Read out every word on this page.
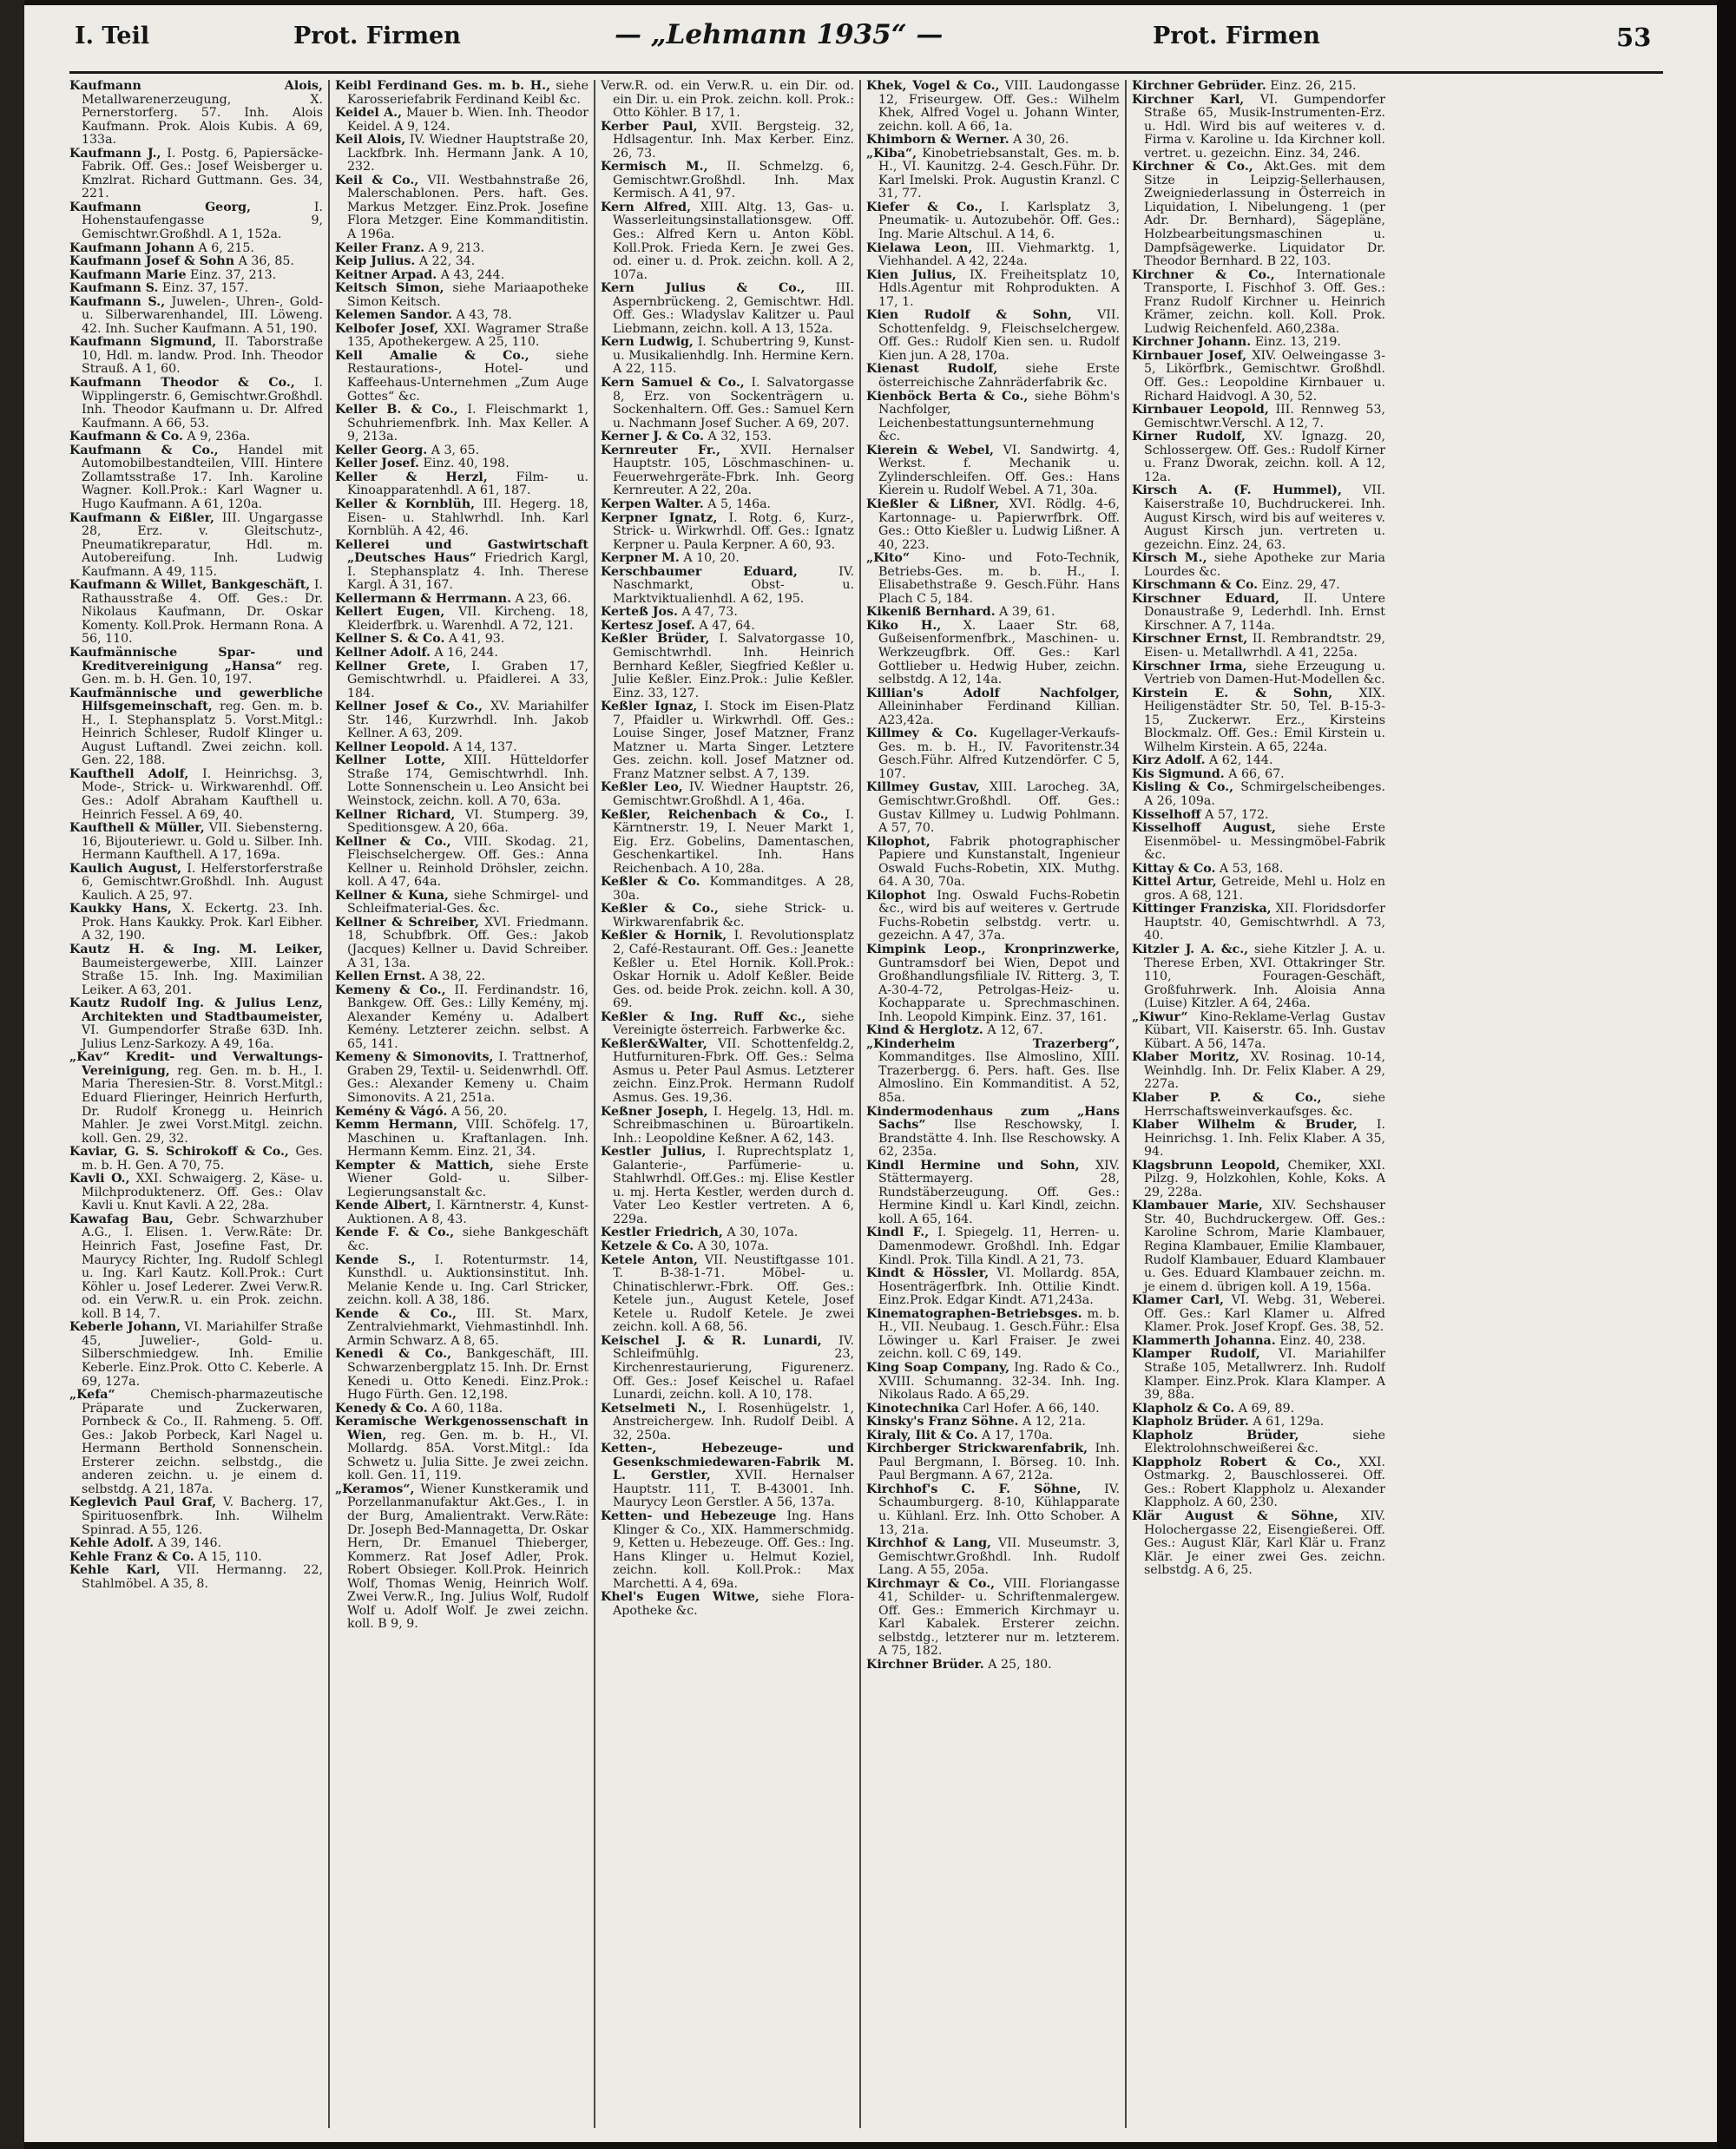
I. Teil	Prot. Firmen	— „Lehmann 1935“ —	Prot. Firmen	53

Kaufmann Alois, Metallwarenerzeugung, X. Pernerstorferg. 57. Inh. Alois Kaufmann. Prok. Alois Kubis. A 69, 133a.

Kaufmann J., I. Postg. 6, Papiersäcke-Fabrik. Off. Ges.: Josef Weisberger u. Kmzlrat. Richard Guttmann. Ges. 34, 221.

Kaufmann Georg,	I. Hohenstaufengasse 9, Gemischtwr.Großhdl. A 1, 152a.

Kaufmann Johann A 6, 215.

Kaufmann Josef & Sohn A 36, 85.

Kaufmann Marie Einz. 37, 213.

Kaufmann S. Einz. 37, 157.

Kaufmann S., Juwelen-, Uhren-, Gold- u. Silberwarenhandel, III. Löweng. 42. Inh. Sucher Kaufmann. A 51, 190.

Kaufmann Sigmund, II. Taborstraße 10, Hdl. m. landw. Prod. Inh. Theodor Strauß. A 1, 60.

Kaufmann Theodor & Co., I. Wipplingerstr. 6, Gemischtwr.Großhdl. Inh. Theodor Kaufmann u. Dr. Alfred Kaufmann. A 66, 53.

Kaufmann & Co. A 9, 236a.

Kaufmann & Co., Handel mit Automobilbestandteilen, VIII. Hintere Zollamtsstraße 17. Inh. Karoline Wagner. Koll.Prok.: Karl Wagner u. Hugo Kaufmann. A 61, 120a.

Kaufmann & Eißler, III. Ungargasse 28, Erz. v. Gleitschutz-, Pneumatikreparatur, Hdl. m. Autobereifung. Inh. Ludwig Kaufmann. A 49, 115.

Kaufmann & Willet, Bankgeschäft, I. Rathausstraße 4. Off. Ges.: Dr. Nikolaus Kaufmann, Dr. Oskar Komenty. Koll.Prok. Hermann Rona. A 56, 110.

Kaufmännische Spar- und Kreditvereinigung „Hansa“ reg. Gen. m. b. H. Gen. 10, 197.

Kaufmännische und gewerbliche Hilfsgemeinschaft, reg. Gen. m. b. H., I. Stephansplatz 5. Vorst.Mitgl.: Heinrich Schleser, Rudolf Klinger u. August Luftandl. Zwei zeichn. koll. Gen. 22, 188.

Kaufthell Adolf, I. Heinrichsg. 3, Mode-, Strick- u. Wirkwarenhdl. Off. Ges.: Adolf Abraham Kaufthell u. Heinrich Fessel. A 69, 40.

Kaufthell & Müller, VII. Siebensterng. 16, Bijouteriewr. u. Gold u. Silber. Inh. Hermann Kaufthell. A 17, 169a.

Kaulich August, I. Helferstorferstraße 6, Gemischtwr.Großhdl. Inh. August Kaulich. A 25, 97.

Kaukky Hans, X. Eckertg. 23. Inh. Prok. Hans Kaukky. Prok. Karl Eibher. A 32, 190.

Kautz H. & Ing. M. Leiker, Baumeistergewerbe, XIII. Lainzer Straße 15. Inh. Ing. Maximilian Leiker. A 63, 201.

Kautz Rudolf Ing. & Julius Lenz, Architekten und Stadtbaumeister, VI. Gumpendorfer Straße 63D. Inh. Julius Lenz-Sarkozy. A 49, 16a.

„Kav“ Kredit- und Verwaltungs-Vereinigung, reg. Gen. m. b. H., I. Maria Theresien-Str. 8. Vorst.Mitgl.: Eduard Flieringer, Heinrich Herfurth, Dr. Rudolf Kronegg u. Heinrich Mahler. Je zwei Vorst.Mitgl. zeichn. koll. Gen. 29, 32.

Kaviar, G. S. Schirokoff & Co., Ges. m. b. H. Gen. A 70, 75.

Kavli O., XXI. Schwaigerg. 2, Käse- u. Milchproduktenerz. Off. Ges.: Olav Kavli u. Knut Kavli. A 22, 28a.

Kawafag Bau, Gebr. Schwarzhuber A.G., I. Elisen. 1. Verw.Räte: Dr. Heinrich Fast, Josefine Fast, Dr. Maurycy Richter, Ing. Rudolf Schlegl u. Ing. Karl Kautz. Koll.Prok.: Curt Köhler u. Josef Lederer. Zwei Verw.R. od. ein Verw.R. u. ein Prok. zeichn. koll. B 14, 7.

Keberle Johann, VI. Mariahilfer Straße 45, Juwelier-, Gold- u. Silberschmiedgew. Inh. Emilie Keberle. Einz.Prok. Otto C. Keberle. A 69, 127a.

„Kefa“	Chemisch-pharmazeutische Präparate und Zuckerwaren, Pornbeck & Co., II. Rahmeng. 5. Off. Ges.: Jakob Porbeck, Karl Nagel u. Hermann Berthold Sonnenschein. Ersterer zeichn. selbstdg., die anderen zeichn. u. je einem d. selbstdg. A 21, 187a.

Keglevich Paul Graf, V. Bacherg. 17, Spirituosenfbrk. Inh. Wilhelm Spinrad. A 55, 126.

Kehle Adolf. A 39, 146.

Kehle Franz & Co. A 15, 110.

Kehle Karl, VII. Hermanng. 22, Stahlmöbel. A 35, 8.

Keibl Ferdinand Ges. m. b. H., siehe Karosseriefabrik Ferdinand Keibl &c.

Keidel A., Mauer b. Wien. Inh. Theodor Keidel. A 9, 124.

Keil Alois, IV. Wiedner Hauptstraße 20, Lackfbrk. Inh. Hermann Jank. A 10, 232.

Keil & Co., VII. Westbahnstraße 26, Malerschablonen. Pers. haft. Ges. Markus Metzger. Einz.Prok. Josefine Flora Metzger. Eine Kommanditistin. A 196a.

Keiler Franz. A 9, 213.

Keip Julius. A 22, 34.

Keitner Arpad. A 43, 244.

Keitsch Simon, siehe Mariaapotheke Simon Keitsch.

Kelemen Sandor. A 43, 78.

Kelbofer Josef, XXI. Wagramer Straße 135, Apothekergew. A 25, 110.

Kell Amalie & Co., siehe Restaurations-, Hotel- und Kaffeehaus-Unternehmen „Zum Auge Gottes“ &c.

Keller B. & Co., I. Fleischmarkt 1, Schuhriemenfbrk. Inh. Max Keller. A 9, 213a.

Keller Georg. A 3, 65.

Keller Josef. Einz. 40, 198.

Keller & Herzl, Film- u. Kinoapparatenhdl. A 61, 187.

Keller & Kornblüh, III. Hegerg. 18, Eisen- u. Stahlwrhdl. Inh. Karl Kornblüh. A 42, 46.

Kellerei und Gastwirtschaft „Deutsches Haus“ Friedrich Kargl, I. Stephansplatz 4. Inh. Therese Kargl. A 31, 167.

Kellermann & Herrmann. A 23, 66.

Kellert Eugen, VII. Kircheng. 18, Kleiderfbrk. u. Warenhdl. A 72, 121.

Kellner S. & Co. A 41, 93.

Kellner Adolf. A 16, 244.

Kellner Grete, I. Graben 17, Gemischtwrhdl. u. Pfaidlerei. A 33, 184.

Kellner Josef & Co., XV. Mariahilfer Str. 146, Kurzwrhdl. Inh. Jakob Kellner. A 63, 209.

Kellner Leopold. A 14, 137.

Kellner Lotte, XIII. Hütteldorfer Straße 174, Gemischtwrhdl. Inh. Lotte Sonnenschein u. Leo Ansicht bei Weinstock, zeichn. koll. A 70, 63a.

Kellner Richard, VI. Stumperg. 39, Speditionsgew. A 20, 66a.

Kellner & Co., VIII. Skodag. 21, Fleischselchergew. Off. Ges.: Anna Kellner u. Reinhold Dröhsler, zeichn. koll. A 47, 64a.

Kellner & Kuna, siehe Schmirgel- und Schleifmaterial-Ges. &c.

Kellner & Schreiber, XVI. Friedmann. 18, Schubfbrk. Off. Ges.: Jakob (Jacques) Kellner u. David Schreiber. A 31, 13a.

Kellen Ernst. A 38, 22.

Kemeny & Co., II. Ferdinandstr. 16, Bankgew. Off. Ges.: Lilly Kemény, mj. Alexander Kemény u. Adalbert Kemény. Letzterer zeichn. selbst. A 65, 141.

Kemeny & Simonovits, I. Trattnerhof, Graben 29, Textil- u. Seidenwrhdl. Off. Ges.: Alexander Kemeny u. Chaim Simonovits. A 21, 251a.

Kemény & Vágó. A 56, 20.

Kemm Hermann, VIII. Schöfelg. 17, Maschinen u. Kraftanlagen. Inh. Hermann Kemm. Einz. 21, 34.

Kempter & Mattich, siehe Erste Wiener Gold- u. Silber-Legierungsanstalt &c.

Kende Albert, I. Kärntnerstr. 4, Kunst-Auktionen. A 8, 43.

Kende F. & Co., siehe Bankgeschäft &c.

Kende S., I. Rotenturmstr. 14, Kunsthdl. u. Auktionsinstitut. Inh. Melanie Kende u. Ing. Carl Stricker, zeichn. koll. A 38, 186.

Kende & Co., III. St. Marx, Zentralviehmarkt, Viehmastinhdl. Inh. Armin Schwarz. A 8, 65.

Kenedi & Co., Bankgeschäft, III. Schwarzenbergplatz 15. Inh. Dr. Ernst Kenedi u. Otto Kenedi. Einz.Prok.: Hugo Fürth. Gen. 12,198.

Kenedy & Co. A 60, 118a.

Keramische Werkgenossenschaft in Wien, reg. Gen. m. b. H., VI. Mollardg. 85A. Vorst.Mitgl.: Ida Schwetz u. Julia Sitte. Je zwei zeichn. koll. Gen. 11, 119.

„Keramos“, Wiener Kunstkeramik und Porzellanmanufaktur Akt.Ges., I. in der Burg, Amalientrakt. Verw.Räte: Dr. Joseph Bed-Mannagetta, Dr. Oskar Hern, Dr. Emanuel Thieberger, Kommerz. Rat Josef Adler, Prok. Robert Obsieger. Koll.Prok. Heinrich Wolf, Thomas Wenig, Heinrich Wolf. Zwei Verw.R., Ing. Julius Wolf, Rudolf Wolf u. Adolf Wolf. Je zwei zeichn. koll. B 9, 9.

Verw.R. od. ein Verw.R. u. ein Dir. od. ein Dir. u. ein Prok. zeichn. koll. Prok.: Otto Köhler. B 17, 1.

Kerber Paul, XVII. Bergsteig. 32, Hdlsagentur. Inh. Max Kerber. Einz. 26, 73.

Kermisch M., II. Schmelzg. 6, Gemischtwr.Großhdl. Inh. Max Kermisch. A 41, 97.

Kern Alfred, XIII. Altg. 13, Gas- u. Wasserleitungsinstallationsgew. Off. Ges.: Alfred Kern u. Anton Köbl. Koll.Prok. Frieda Kern. Je zwei Ges. od. einer u. d. Prok. zeichn. koll. A 2, 107a.

Kern Julius & Co., III. Aspernbrückeng. 2, Gemischtwr. Hdl. Off. Ges.: Wladyslav Kalitzer u. Paul Liebmann, zeichn. koll. A 13, 152a.

Kern Ludwig, I. Schubertring 9, Kunst- u. Musikalienhdlg. Inh. Hermine Kern. A 22, 115.

Kern Samuel & Co., I. Salvatorgasse 8, Erz. von Sockenträgern u. Sockenhaltern. Off. Ges.: Samuel Kern u. Nachmann Josef Sucher. A 69, 207.

Kerner J. & Co. A 32, 153.

Kernreuter Fr., XVII. Hernalser Hauptstr. 105, Löschmaschinen- u. Feuerwehrgeräte-Fbrk. Inh. Georg Kernreuter. A 22, 20a.

Kerpen Walter. A 5, 146a.

Kerpner Ignatz, I. Rotg. 6, Kurz-, Strick- u. Wirkwrhdl. Off. Ges.: Ignatz Kerpner u. Paula Kerpner. A 60, 93.

Kerpner M. A 10, 20.

Kerschbaumer Eduard,	IV. Naschmarkt, Obst- u. Marktviktualienhdl. A 62, 195.

Kerteß Jos. A 47, 73.

Kertesz Josef. A 47, 64.

Keßler Brüder, I. Salvatorgasse 10, Gemischtwrhdl. Inh. Heinrich Bernhard Keßler, Siegfried Keßler u. Julie Keßler. Einz.Prok.: Julie Keßler. Einz. 33, 127.

Keßler Ignaz, I. Stock im Eisen-Platz 7, Pfaidler u. Wirkwrhdl. Off. Ges.: Louise Singer, Josef Matzner, Franz Matzner u. Marta Singer. Letztere Ges. zeichn. koll. Josef Matzner od. Franz Matzner selbst. A 7, 139.

Keßler Leo, IV. Wiedner Hauptstr. 26, Gemischtwr.Großhdl. A 1, 46a.

Keßler, Reichenbach & Co., I. Kärntnerstr. 19, I. Neuer Markt 1, Eig. Erz. Gobelins, Damentaschen, Geschenkartikel. Inh. Hans Reichenbach. A 10, 28a.

Keßler & Co. Kommanditges. A 28, 30a.

Keßler & Co., siehe Strick- u. Wirkwarenfabrik &c.

Keßler & Hornik, I. Revolutionsplatz 2, Café-Restaurant. Off. Ges.: Jeanette Keßler u. Etel Hornik. Koll.Prok.: Oskar Hornik u. Adolf Keßler. Beide Ges. od. beide Prok. zeichn. koll. A 30, 69.

Keßler & Ing. Ruff &c., siehe Vereinigte österreich. Farbwerke &c.

Keßler&Walter, VII. Schottenfeldg.2, Hutfurnituren-Fbrk. Off. Ges.: Selma Asmus u. Peter Paul Asmus. Letzterer zeichn. Einz.Prok. Hermann Rudolf Asmus. Ges. 19,36.

Keßner Joseph, I. Hegelg. 13, Hdl. m. Schreibmaschinen u. Büroartikeln. Inh.: Leopoldine Keßner. A 62, 143.

Kestler Julius, I. Ruprechtsplatz 1, Galanterie-, Parfümerie- u. Stahlwrhdl. Off.Ges.: mj. Elise Kestler u. mj. Herta Kestler, werden durch d. Vater Leo Kestler vertreten. A 6, 229a.

Kestler Friedrich, A 30, 107a.

Ketzele & Co. A 30, 107a.

Ketele Anton, VII. Neustiftgasse 101. T. B-38-1-71. Möbel- u. Chinatischlerwr.-Fbrk. Off. Ges.: Ketele jun., August Ketele, Josef Ketele u. Rudolf Ketele. Je zwei zeichn. koll. A 68, 56.

Keischel J. & R. Lunardi, IV. Schleifmühlg. 23, Kirchenrestaurierung, Figurenerz. Off. Ges.: Josef Keischel u. Rafael Lunardi, zeichn. koll. A 10, 178.

Ketselmeti N., I. Rosenhügelstr. 1, Anstreichergew. Inh. Rudolf Deibl. A 32, 250a.

Ketten-, Hebezeuge- und Gesenkschmiedewaren-Fabrik M. L. Gerstler, XVII. Hernalser Hauptstr. 111, T. B-43001. Inh. Maurycy Leon Gerstler. A 56, 137a.

Ketten- und Hebezeuge Ing. Hans Klinger & Co., XIX. Hammerschmidg. 9, Ketten u. Hebezeuge. Off. Ges.: Ing. Hans Klinger u. Helmut Koziel, zeichn. koll. Koll.Prok.: Max Marchetti. A 4, 69a.

Khel's Eugen Witwe, siehe Flora-Apotheke &c.

Khek, Vogel & Co., VIII. Laudongasse 12, Friseurgew. Off. Ges.: Wilhelm Khek, Alfred Vogel u. Johann Winter, zeichn. koll. A 66, 1a.

Khimborn & Werner. A 30, 26.

„Kiba“, Kinobetriebsanstalt, Ges. m. b. H., VI. Kaunitzg. 2-4. Gesch.Führ. Dr. Karl Imelski. Prok. Augustin Kranzl. C 31, 77.

Kiefer & Co., I. Karlsplatz 3, Pneumatik- u. Autozubehör. Off. Ges.: Ing. Marie Altschul. A 14, 6.

Kielawa Leon, III. Viehmarktg. 1, Viehhandel. A 42, 224a.

Kien Julius, IX. Freiheitsplatz 10, Hdls.Agentur mit Rohprodukten. A 17, 1.

Kien Rudolf & Sohn, VII. Schottenfeldg. 9, Fleischselchergew. Off. Ges.: Rudolf Kien sen. u. Rudolf Kien jun. A 28, 170a.

Kienast Rudolf, siehe Erste österreichische Zahnräderfabrik &c.

Kienböck Berta & Co., siehe Böhm's Nachfolger, Leichenbestattungsunternehmung &c.

Kierein & Webel, VI. Sandwirtg. 4, Werkst. f. Mechanik u. Zylinderschleifen. Off. Ges.: Hans Kierein u. Rudolf Webel. A 71, 30a.

Kießler & Lißner, XVI. Rödlg. 4-6, Kartonnage- u. Papierwrfbrk. Off. Ges.: Otto Kießler u. Ludwig Lißner. A 40, 223.

„Kito“ Kino- und Foto-Technik, Betriebs-Ges. m. b. H., I. Elisabethstraße 9. Gesch.Führ. Hans Plach C 5, 184.

Kikeniß Bernhard. A 39, 61.

Kiko H., X. Laaer Str. 68, Gußeisenformenfbrk., Maschinen- u. Werkzeugfbrk. Off. Ges.: Karl Gottlieber u. Hedwig Huber, zeichn. selbstdg. A 12, 14a.

Killian's Adolf Nachfolger, Alleininhaber Ferdinand Killian. A23,42a.

Killmey & Co. Kugellager-Verkaufs-Ges. m. b. H., IV. Favoritenstr.34 Gesch.Führ. Alfred Kutzendörfer. C 5, 107.

Killmey Gustav, XIII. Larocheg. 3A, Gemischtwr.Großhdl. Off. Ges.: Gustav Killmey u. Ludwig Pohlmann. A 57, 70.

Kilophot, Fabrik photographischer Papiere und Kunstanstalt, Ingenieur Oswald Fuchs-Robetin, XIX. Muthg. 64. A 30, 70a.

Kilophot Ing. Oswald Fuchs-Robetin &c., wird bis auf weiteres v. Gertrude Fuchs-Robetin selbstdg. vertr. u. gezeichn. A 47, 37a.

Kimpink Leop., Kronprinzwerke, Guntramsdorf bei Wien, Depot und Großhandlungsfiliale IV. Ritterg. 3, T. A-30-4-72, Petrolgas-Heiz- u. Kochapparate u. Sprechmaschinen. Inh. Leopold Kimpink. Einz. 37, 161.

Kind & Herglotz. A 12, 67.

„Kinderheim Trazerberg“, Kommanditges. Ilse Almoslino, XIII. Trazerbergg. 6. Pers. haft. Ges. Ilse Almoslino. Ein Kommanditist. A 52, 85a.

Kindermodenhaus zum „Hans Sachs“ Ilse Reschowsky, I. Brandstätte 4. Inh. Ilse Reschowsky. A 62, 235a.

Kindl Hermine und Sohn, XIV. Stättermayerg. 28, Rundstäberzeugung. Off. Ges.: Hermine Kindl u. Karl Kindl, zeichn. koll. A 65, 164.

Kindl F., I. Spiegelg. 11, Herren- u. Damenmodewr. Großhdl. Inh. Edgar Kindl. Prok. Tilla Kindl. A 21, 73.

Kindt & Hössler, VI. Mollardg. 85A, Hosenträgerfbrk. Inh. Ottilie Kindt. Einz.Prok. Edgar Kindt. A71,243a.

Kinematographen-Betriebsges. m. b. H., VII. Neubaug. 1. Gesch.Führ.: Elsa Löwinger u. Karl Fraiser. Je zwei zeichn. koll. C 69, 149.

King Soap Company, Ing. Rado & Co., XVIII. Schumanng. 32-34. Inh. Ing. Nikolaus Rado. A 65,29.

Kinotechnika Carl Hofer. A 66, 140.

Kinsky's Franz Söhne. A 12, 21a.

Kiraly, Ilit & Co. A 17, 170a.

Kirchberger Strickwarenfabrik, Inh. Paul Bergmann, I. Börseg. 10. Inh. Paul Bergmann. A 67, 212a.

Kirchhof's C. F. Söhne, IV. Schaumburgerg. 8-10, Kühlapparate u. Kühlanl. Erz. Inh. Otto Schober. A 13, 21a.

Kirchhof & Lang, VII. Museumstr. 3, Gemischtwr.Großhdl. Inh. Rudolf Lang. A 55, 205a.

Kirchmayr & Co., VIII. Floriangasse 41, Schilder- u. Schriftenmalergew. Off. Ges.: Emmerich Kirchmayr u. Karl Kabalek. Ersterer zeichn. selbstdg., letzterer nur m. letzterem. A 75, 182.

Kirchner Brüder. A 25, 180.

Kirchner Gebrüder. Einz. 26, 215.

Kirchner Karl, VI. Gumpendorfer Straße 65, Musik-Instrumenten-Erz. u. Hdl. Wird bis auf weiteres v. d. Firma v. Karoline u. Ida Kirchner koll. vertret. u. gezeichn. Einz. 34, 246.

Kirchner & Co., Akt.Ges. mit dem Sitze in Leipzig-Sellerhausen, Zweigniederlassung in Österreich in Liquidation, I. Nibelungeng. 1 (per Adr. Dr. Bernhard), Sägepläne, Holzbearbeitungsmaschinen u. Dampfsägewerke. Liquidator Dr. Theodor Bernhard. B 22, 103.

Kirchner & Co., Internationale Transporte, I. Fischhof 3. Off. Ges.: Franz Rudolf Kirchner u. Heinrich Krämer, zeichn. koll. Koll. Prok. Ludwig Reichenfeld. A60,238a.

Kirchner Johann. Einz. 13, 219.

Kirnbauer Josef, XIV. Oelweingasse 3-5, Likörfbrk., Gemischtwr. Großhdl. Off. Ges.: Leopoldine Kirnbauer u. Richard Haidvogl. A 30, 52.

Kirnbauer Leopold, III. Rennweg 53, Gemischtwr.Verschl. A 12, 7.

Kirner Rudolf, XV. Ignazg. 20, Schlossergew. Off. Ges.: Rudolf Kirner u. Franz Dworak, zeichn. koll. A 12, 12a.

Kirsch A. (F. Hummel), VII. Kaiserstraße 10, Buchdruckerei. Inh. August Kirsch, wird bis auf weiteres v. August Kirsch jun. vertreten u. gezeichn. Einz. 24, 63.

Kirsch M., siehe Apotheke zur Maria Lourdes &c.

Kirschmann & Co. Einz. 29, 47.

Kirschner Eduard, II. Untere Donaustraße 9, Lederhdl. Inh. Ernst Kirschner. A 7, 114a.

Kirschner Ernst, II. Rembrandtstr. 29, Eisen- u. Metallwrhdl. A 41, 225a.

Kirschner Irma, siehe Erzeugung u. Vertrieb von Damen-Hut-Modellen &c.

Kirstein E. & Sohn, XIX. Heiligenstädter Str. 50, Tel. B-15-3-15, Zuckerwr. Erz., Kirsteins Blockmalz. Off. Ges.: Emil Kirstein u. Wilhelm Kirstein. A 65, 224a.

Kirz Adolf. A 62, 144.

Kis Sigmund. A 66, 67.

Kisling & Co., Schmirgelscheibenges. A 26, 109a.

Kisselhoff A 57, 172.

Kisselhoff August, siehe Erste Eisenmöbel- u. Messingmöbel-Fabrik &c.

Kittay & Co. A 53, 168.

Kittel Artur, Getreide, Mehl u. Holz en gros. A 68, 121.

Kittinger Franziska, XII. Floridsdorfer Hauptstr. 40, Gemischtwrhdl. A 73, 40.

Kitzler J. A. &c., siehe Kitzler J. A. u. Therese Erben, XVI. Ottakringer Str. 110, Fouragen-Geschäft, Großfuhrwerk. Inh. Aloisia Anna (Luise) Kitzler. A 64, 246a.

„Kiwur“ Kino-Reklame-Verlag Gustav Kübart, VII. Kaiserstr. 65. Inh. Gustav Kübart. A 56, 147a.

Klaber Moritz, XV. Rosinag. 10-14, Weinhdlg. Inh. Dr. Felix Klaber. A 29, 227a.

Klaber P. & Co.,	siehe Herrschaftsweinverkaufsges. &c.

Klaber Wilhelm & Bruder, I. Heinrichsg. 1. Inh. Felix Klaber. A 35, 94.

Klagsbrunn Leopold, Chemiker, XXI. Pilzg. 9, Holzkohlen, Kohle, Koks. A 29, 228a.

Klambauer Marie, XIV. Sechshauser Str. 40, Buchdruckergew. Off. Ges.: Karoline Schrom, Marie Klambauer, Regina Klambauer, Emilie Klambauer, Rudolf Klambauer, Eduard Klambauer u. Ges. Eduard Klambauer zeichn. m. je einem d. übrigen koll. A 19, 156a.

Klamer Carl, VI. Webg. 31, Weberei. Off. Ges.: Karl Klamer u. Alfred Klamer. Prok. Josef Kropf. Ges. 38, 52.

Klammerth Johanna. Einz. 40, 238.

Klamper Rudolf, VI. Mariahilfer Straße 105, Metallwrerz. Inh. Rudolf Klamper. Einz.Prok. Klara Klamper. A 39, 88a.

Klapholz & Co. A 69, 89.

Klapholz Brüder. A 61, 129a.

Klapholz Brüder,	siehe Elektrolohnschweißerei &c.

Klappholz Robert & Co., XXI. Ostmarkg. 2, Bauschlosserei. Off. Ges.: Robert Klappholz u. Alexander Klappholz. A 60, 230.

Klär August & Söhne, XIV. Holochergasse 22, Eisengießerei. Off. Ges.: August Klär, Karl Klär u. Franz Klär. Je einer zwei Ges. zeichn. selbstdg. A 6, 25.
